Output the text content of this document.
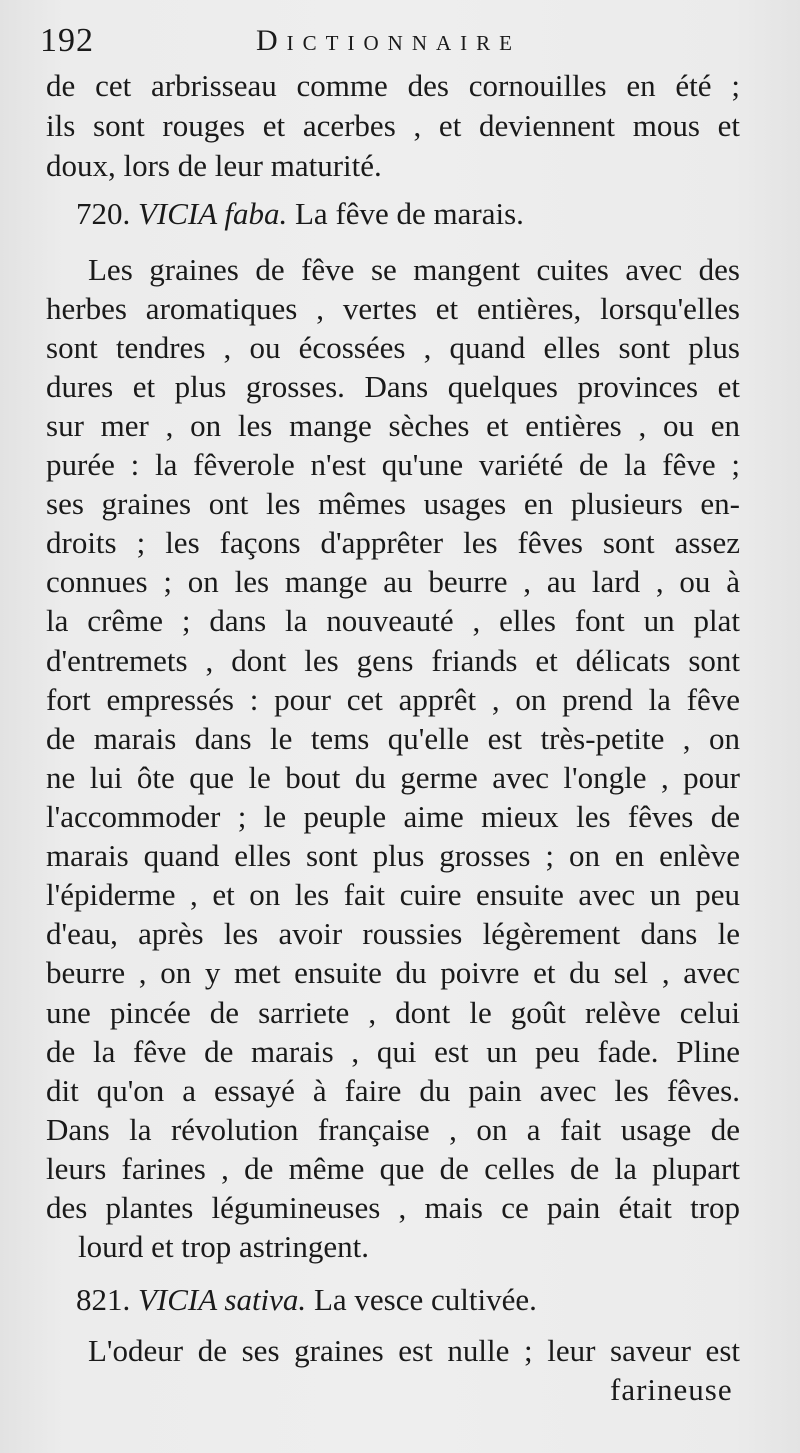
192	Dictionnaire
de cet arbrisseau comme des cornouilles en été ;
ils sont rouges et acerbes , et deviennent mous et
doux, lors de leur maturité.
720. VICIA faba. La fêve de marais.
Les graines de fêve se mangent cuites avec des
herbes aromatiques , vertes et entières, lorsqu'elles
sont tendres , ou écossées , quand elles sont plus
dures et plus grosses. Dans quelques provinces et
sur mer , on les mange sèches et entières , ou en
purée : la fêverole n'est qu'une variété de la fêve ;
ses graines ont les mêmes usages en plusieurs en-
droits ; les façons d'apprêter les fêves sont assez
connues ; on les mange au beurre , au lard , ou à
la crême ; dans la nouveauté , elles font un plat
d'entremets , dont les gens friands et délicats sont
fort empressés : pour cet apprêt , on prend la fêve
de marais dans le tems qu'elle est très-petite , on
ne lui ôte que le bout du germe avec l'ongle , pour
l'accommoder ; le peuple aime mieux les fêves de
marais quand elles sont plus grosses ; on en enlève
l'épiderme , et on les fait cuire ensuite avec un peu
d'eau, après les avoir roussies légèrement dans le
beurre , on y met ensuite du poivre et du sel , avec
une pincée de sarriete , dont le goût relève celui
de la fêve de marais , qui est un peu fade. Pline
dit qu'on a essayé à faire du pain avec les fêves.
Dans la révolution française , on a fait usage de
leurs farines , de même que de celles de la plupart
des plantes légumineuses , mais ce pain était trop
lourd et trop astringent.
821. VICIA sativa. La vesce cultivée.
L'odeur de ses graines est nulle ; leur saveur est
farineuse
